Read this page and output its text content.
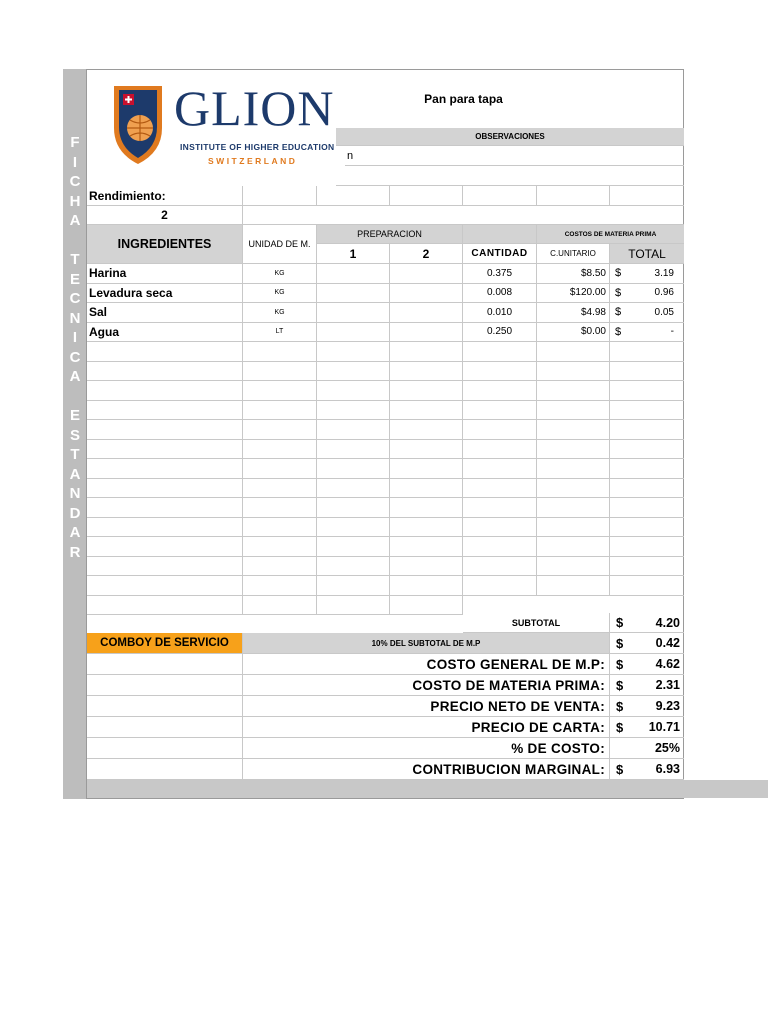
F
I
C
H
A
T
E
C
N
I
C
A
E
S
T
A
N
D
A
R
GLION
INSTITUTE OF HIGHER EDUCATION
SWITZERLAND
Pan para tapa
OBSERVACIONES
n
Rendimiento:
2
INGREDIENTES	UNIDAD DE M.
PREPARACION
1	2
COSTOS DE MATERIA PRIMA
CANTIDAD	C.UNITARIO	TOTAL
Harina	KG	0.375	$8.50 $	3.19
Levadura seca	KG	0.008	$120.00 $	0.96
Sal	KG	0.010	$4.98 $	0.05
Agua	LT	0.250	$0.00 $	-
SUBTOTAL	$	4.20
COMBOY DE SERVICIO	10% DEL SUBTOTAL DE M.P	$	0.42
COSTO GENERAL DE M.P: $	4.62
COSTO DE MATERIA PRIMA: $	2.31
PRECIO NETO DE VENTA: $	9.23
PRECIO DE CARTA: $ 10.71
% DE COSTO:	25%
CONTRIBUCION MARGINAL: $	6.93
